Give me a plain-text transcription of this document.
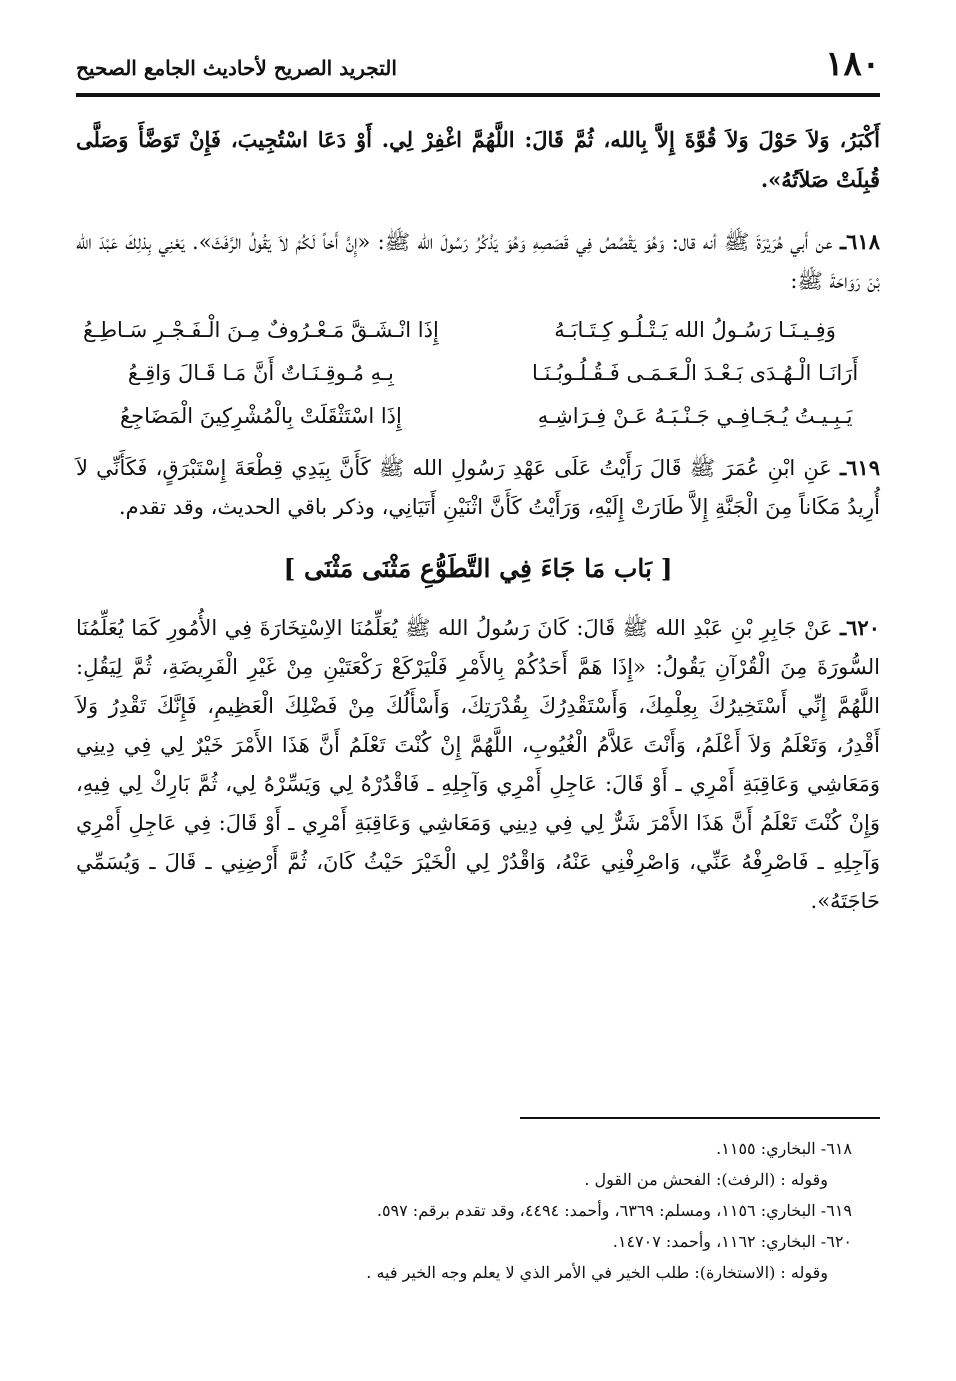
١٨٠
التجريد الصريح لأحاديث الجامع الصحيح

أَكْبَرُ، وَلاَ حَوْلَ وَلاَ قُوَّةَ إِلاَّ بِالله، ثُمَّ قَالَ: اللَّهُمَّ اغْفِرْ لِي. أَوْ دَعَا اسْتُجِيبَ، فَإِنْ تَوَضَّأَ وَصَلَّى قُبِلَتْ صَلاَتُهُ».

٦١٨ـ عن أَبي هُرَيْرَةَ ﷺ أنه قال: وَهُوَ يَقْصُصُ فِي قَصَصِهِ وَهُوَ يَذْكُرُ رَسُولَ الله ﷺ: «إِنَّ أَخاً لَكُمْ لاَ يَقُولُ الرَّفَثَ». يَعْنِي بِذلِكَ عَبْدَ الله بْنَ رَوَاحَةَ ﷺ:

وَفِـيـنَـا رَسُـولُ الله يَـتْـلُـو كِـتَـابَـهُ
إِذَا انْـشَـقَّ مَـعْـرُوفٌ مِـنَ الْـفَـجْـرِ سَـاطِـعُ
أَرَانَـا الْـهُـدَى بَـعْـدَ الْـعَـمَـى فَـقُـلُـوبُـنَـا
بِـهِ مُـوقِـنَـاتٌ أَنَّ مَـا قَـالَ وَاقِـعُ
يَـبِـيـتُ يُـجَـافِـي جَـنْـبَـهُ عَـنْ فِـرَاشِـهِ
إِذَا اسْتَثْقَلَتْ بِالْمُشْرِكِينَ الْمَضَاجِعُ

٦١٩ـ عَنِ ابْنِ عُمَرَ ﷺ قَالَ رَأَيْتُ عَلَى عَهْدِ رَسُولِ الله ﷺ كَأَنَّ بِيَدِي قِطْعَةَ إِسْتَبْرَقٍ، فَكَأَنِّي لاَ أُرِيدُ مَكَاناً مِنَ الْجَنَّةِ إِلاَّ طَارَتْ إِلَيْهِ، وَرَأَيْتُ كَأَنَّ اثْنَيْنِ أَتَيَانِي، وذكر باقي الحديث، وقد تقدم.

[ بَاب مَا جَاءَ فِي التَّطَوُّعِ مَثْنَى مَثْنَى ]

٦٢٠ـ عَنْ جَابِرِ بْنِ عَبْدِ الله ﷺ قَالَ: كَانَ رَسُولُ الله ﷺ يُعَلِّمُنَا الاِسْتِخَارَةَ فِي الأُمُورِ كَمَا يُعَلِّمُنَا السُّورَةَ مِنَ الْقُرْآنِ يَقُولُ: «إِذَا هَمَّ أَحَدُكُمْ بِالأَمْرِ فَلْيَرْكَعْ رَكْعَتَيْنِ مِنْ غَيْرِ الْفَرِيضَةِ، ثُمَّ لِيَقُلِ: اللَّهُمَّ إِنِّي أَسْتَخِيرُكَ بِعِلْمِكَ، وَأَسْتَقْدِرُكَ بِقُدْرَتِكَ، وَأَسْأَلُكَ مِنْ فَضْلِكَ الْعَظِيمِ، فَإِنَّكَ تَقْدِرُ وَلاَ أَقْدِرُ، وَتَعْلَمُ وَلاَ أَعْلَمُ، وَأَنْتَ عَلاَّمُ الْغُيُوبِ، اللَّهُمَّ إِنْ كُنْتَ تَعْلَمُ أَنَّ هَذَا الأَمْرَ خَيْرٌ لِي فِي دِينِي وَمَعَاشِي وَعَاقِبَةِ أَمْرِي ـ أَوْ قَالَ: عَاجِلِ أَمْرِي وَآجِلِهِ ـ فَاقْدُرْهُ لِي وَيَسِّرْهُ لِي، ثُمَّ بَارِكْ لِي فِيهِ، وَإِنْ كُنْتَ تَعْلَمُ أَنَّ هَذَا الأَمْرَ شَرٌّ لِي فِي دِينِي وَمَعَاشِي وَعَاقِبَةِ أَمْرِي ـ أَوْ قَالَ: فِي عَاجِلِ أَمْرِي وَآجِلِهِ ـ فَاصْرِفْهُ عَنِّي، وَاصْرِفْنِي عَنْهُ، وَاقْدُرْ لِي الْخَيْرَ حَيْثُ كَانَ، ثُمَّ أَرْضِنِي ـ قَالَ ـ وَيُسَمِّي حَاجَتَهُ».

٦١٨- البخاري: ١١٥٥.

وقوله : (الرفث): الفحش من القول .

٦١٩- البخاري: ١١٥٦، ومسلم: ٦٣٦٩، وأحمد: ٤٤٩٤، وقد تقدم برقم: ٥٩٧.

٦٢٠- البخاري: ١١٦٢، وأحمد: ١٤٧٠٧.

وقوله : (الاستخارة): طلب الخير في الأمر الذي لا يعلم وجه الخير فيه .
